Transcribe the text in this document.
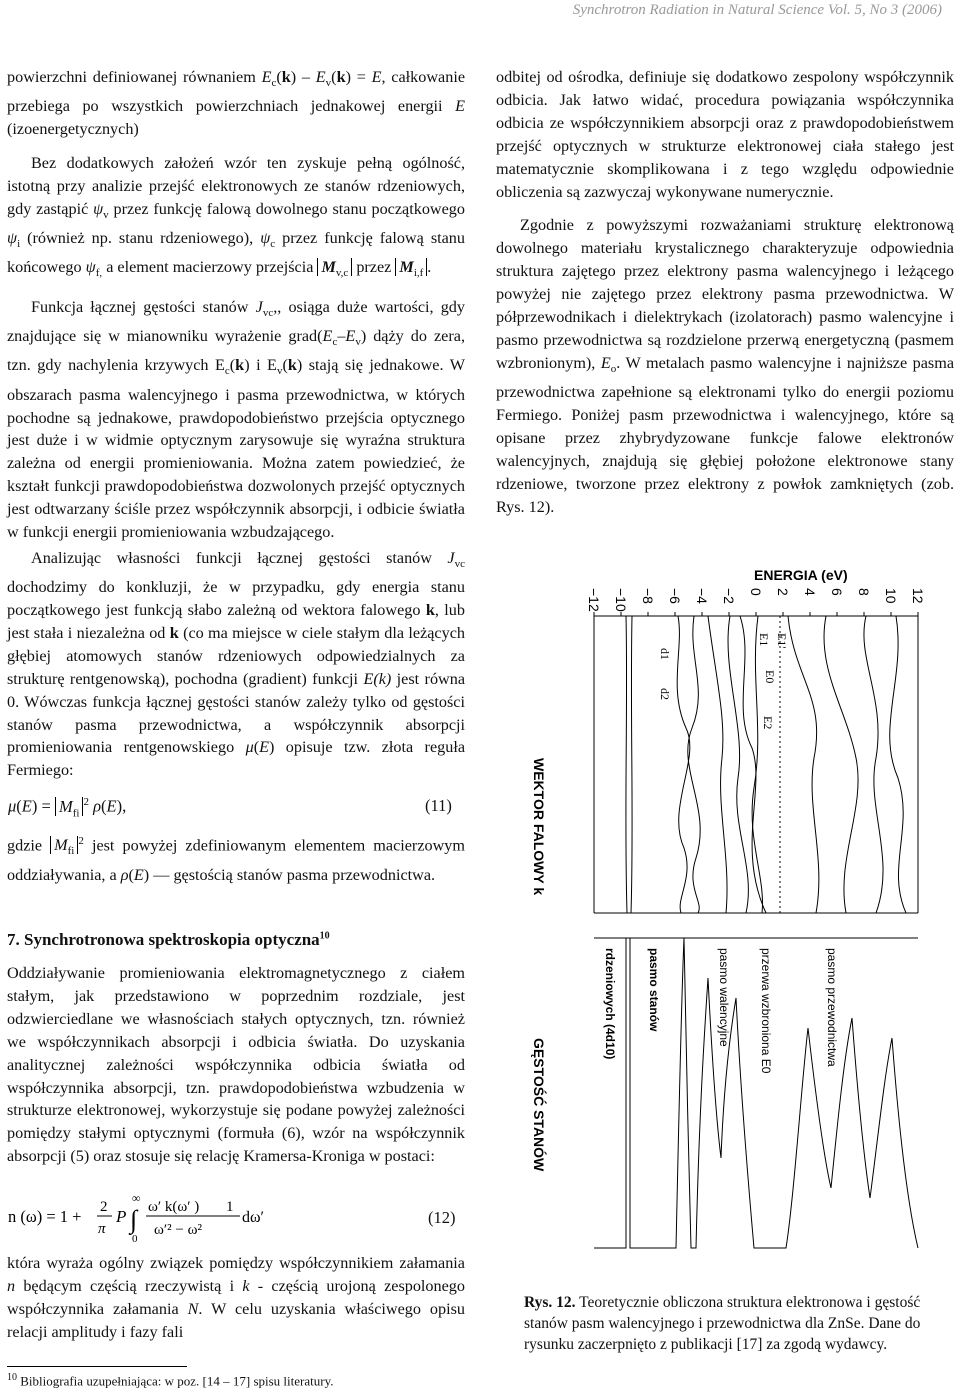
Synchrotron Radiation in Natural Science Vol. 5, No 3 (2006)

powierzchni definiowanej równaniem $E_c(k) - E_v(k) = E$, całkowanie przebiega po wszystkich powierzchniach jednakowej energii E (izoenergetycznych)

Bez dodatkowych założeń wzór ten zyskuje pełną ogólność, istotną przy analizie przejść elektronowych ze stanów rdzeniowych, gdy zastąpić $\psi_v$ przez funkcję falową dowolnego stanu początkowego $\psi_i$ (również np. stanu rdzeniowego), $\psi_c$ przez funkcję falową stanu końcowego $\psi_{f,}$ a element macierzowy przejścia $M_{v,c}$ przez $M_{i,f}$ .

Funkcja łącznej gęstości stanów $J_{vc}$,, osiąga duże wartości, gdy znajdujące się w mianowniku wyrażenie $grad(E_c-E_v)$ dąży do zera, tzn. gdy nachylenia krzywych $E_c(k)$ i $E_v(k)$ stają się jednakowe. W obszarach pasma walencyjnego i pasma przewodnictwa, w których pochodne są jednakowe, prawdopodobieństwo przejścia optycznego jest duże i w widmie optycznym zarysowuje się wyraźna struktura zależna od energii promieniowania. Można zatem powiedzieć, że kształt funkcji prawdopodobieństwa dozwolonych przejść optycznych jest odtwarzany ściśle przez współczynnik absorpcji, i odbicie światła w funkcji energii promieniowania wzbudzającego.

Analizując własności funkcji łącznej gęstości stanów $J_{vc}$ dochodzimy do konkluzji, że w przypadku, gdy energia stanu początkowego jest funkcją słabo zależną od wektora falowego k, lub jest stała i niezależna od k (co ma miejsce w ciele stałym dla leżących głębiej atomowych stanów rdzeniowych odpowiedzialnych za strukturę rentgenowską), pochodna (gradient) funkcji E(k) jest równa 0. Wówczas funkcja łącznej gęstości stanów zależy tylko od gęstości stanów pasma przewodnictwa, a współczynnik absorpcji promieniowania rentgenowskiego μ(E) opisuje tzw. złota reguła Fermiego:

$\mu(E) = M_{fi}^2$ ρ(E),	(11)

gdzie $M_{fi}^2$ jest powyżej zdefiniowanym elementem macierzowym oddziaływania, a ρ(E) — gęstością stanów pasma przewodnictwa.

7. Synchrotronowa spektroskopia optyczna$^{10}$

Oddziaływanie promieniowania elektromagnetycznego z ciałem stałym, jak przedstawiono w poprzednim rozdziale, jest odzwierciedlane we własnościach stałych optycznych, tzn. również we współczynnikach absorpcji i odbicia światła. Do uzyskania analitycznej zależności współczynnika odbicia światła od współczynnika absorpcji, tzn. prawdopodobieństwa wzbudzenia w strukturze elektronowej, wykorzystuje się podane powyżej zależności pomiędzy stałymi optycznymi (formuła (6), wzór na współczynnik absorpcji (5) oraz stosuje się relację Kramersa-Kroniga w postaci:

n (ω) = 1 + 2
π
P
∞
∫
0
ω′ k(ω′ )
ω′² − ω²
1
dω′	(12)

która wyraża ogólny związek pomiędzy współczynnikiem załamania n będącym częścią rzeczywistą i k - częścią urojoną zespolonego współczynnika załamania N. W celu uzyskania właściwego opisu relacji amplitudy i fazy fali

odbitej od ośrodka, definiuje się dodatkowo zespolony współczynnik odbicia. Jak łatwo widać, procedura powiązania współczynnika odbicia ze współczynnikiem absorpcji oraz z prawdopodobieństwem przejść optycznych w strukturze elektronowej ciała stałego jest matematycznie skomplikowana i z tego względu odpowiednie obliczenia są zazwyczaj wykonywane numerycznie.

Zgodnie z powyższymi rozważaniami strukturę elektronową dowolnego materiału krystalicznego charakteryzuje odpowiednia struktura zajętego przez elektrony pasma walencyjnego i leżącego powyżej nie zajętego przez elektrony pasma przewodnictwa. W półprzewodnikach i dielektrykach (izolatorach) pasmo walencyjne i pasmo przewodnictwa są rozdzielone przerwą energetyczną (pasmem wzbronionym), $E_o$. W metalach pasmo walencyjne i najniższe pasma przewodnictwa zapełnione są elektronami tylko do energii poziomu Fermiego. Poniżej pasm przewodnictwa i walencyjnego, które są opisane przez zhybrydyzowane funkcje falowe elektronów walencyjnych, znajdują się głębiej położone elektronowe stany rdzeniowe, tworzone przez elektrony z powłok zamkniętych (zob. Rys. 12).

ENERGIA (eV)
−12 −10 −8 −6 −4 −2 0 2 4 6 8 10 12
E1 E1'
d1
d2
E0
E2
WEKTOR FALOWY k
rdzeniowych (4d10)	pasmo stanów	pasmo walencyjne przerwa wzbroniona E0	pasmo przewodnictwa
GĘSTOŚĆ STANÓW
Rys. 12. Teoretycznie obliczona struktura elektronowa i gęstość stanów pasm walencyjnego i przewodnictwa dla ZnSe. Dane do rysunku zaczerpnięto z publikacji [17] za zgodą wydawcy.
$^{10}$ Bibliografia uzupełniająca: w poz. [14 – 17] spisu literatury.
